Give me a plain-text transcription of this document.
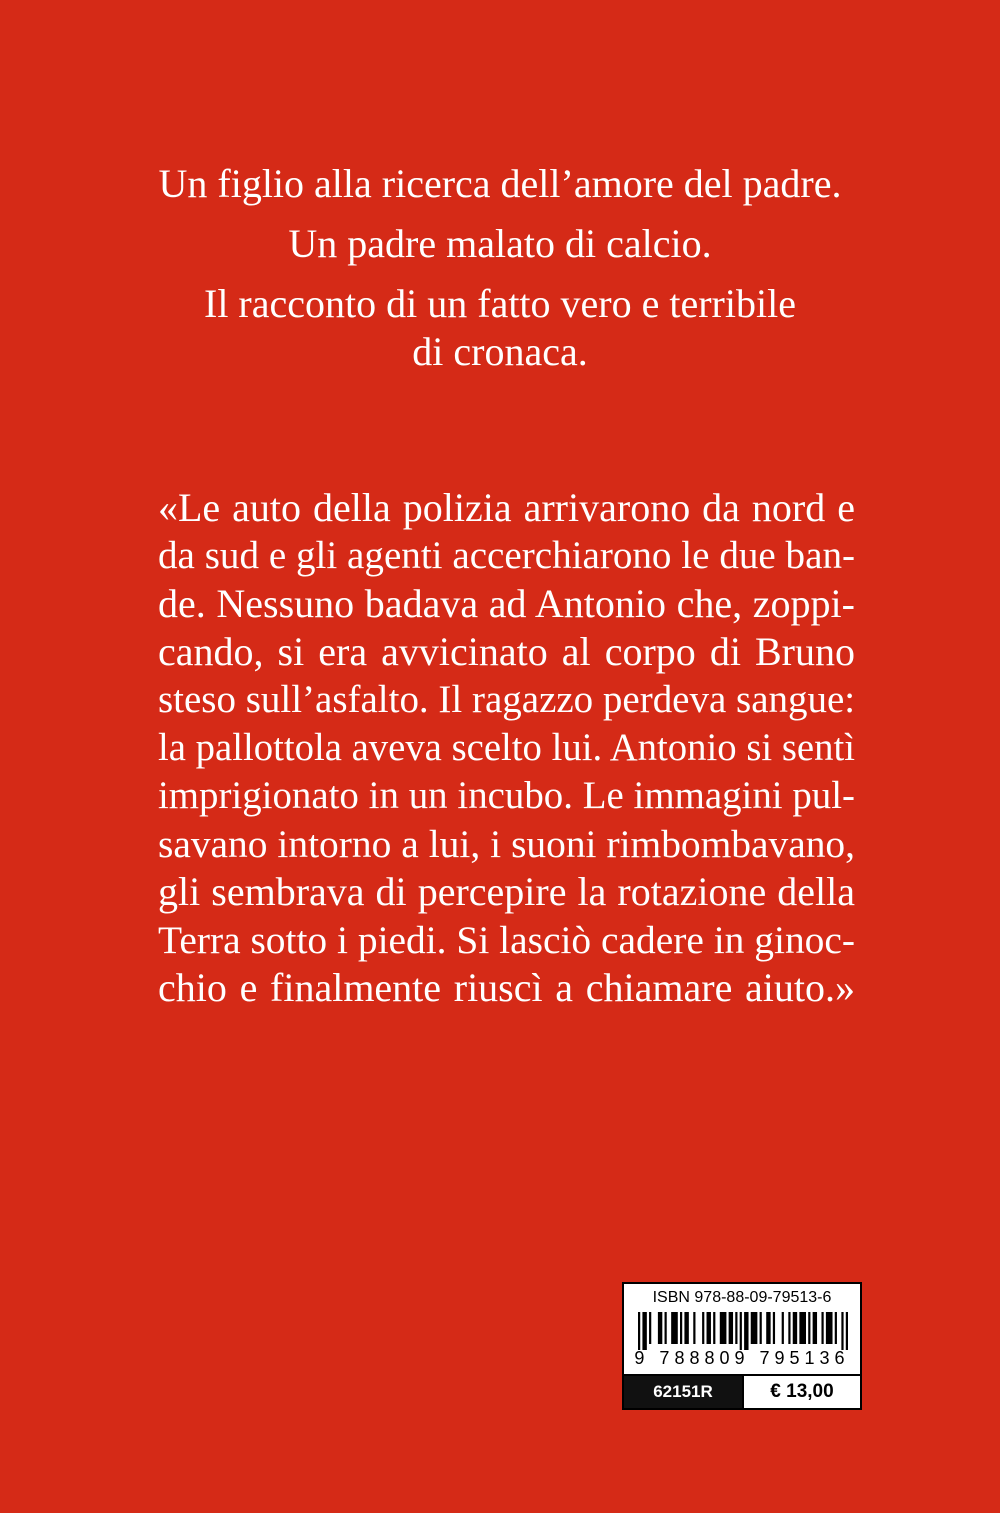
Un figlio alla ricerca dell’amore del padre.
Un padre malato di calcio.
Il racconto di un fatto vero e terribile
di cronaca.
«Le auto della polizia arrivarono da nord e
da sud e gli agenti accerchiarono le due ban-
de. Nessuno badava ad Antonio che, zoppi-
cando, si era avvicinato al corpo di Bruno
steso sull’asfalto. Il ragazzo perdeva sangue:
la pallottola aveva scelto lui. Antonio si sentì
imprigionato in un incubo. Le immagini pul-
savano intorno a lui, i suoni rimbombavano,
gli sembrava di percepire la rotazione della
Terra sotto i piedi. Si lasciò cadere in ginoc-
chio e finalmente riuscì a chiamare aiuto.»
ISBN 978-88-09-79513-6
9 788809 795136
62151R	€ 13,00
